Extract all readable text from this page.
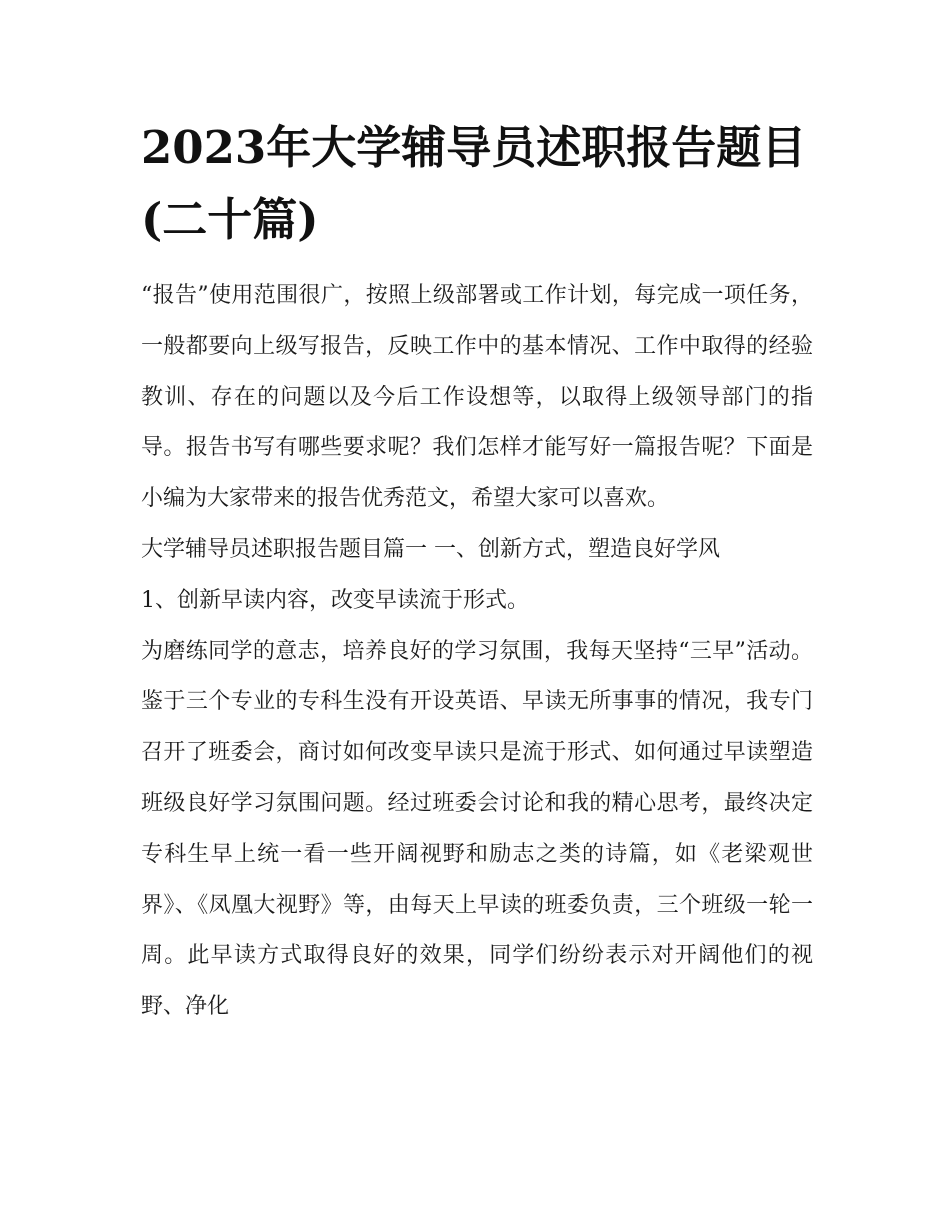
2023年大学辅导员述职报告题目(二十篇)

“报告”使用范围很广，按照上级部署或工作计划，每完成一项任务，一般都要向上级写报告，反映工作中的基本情况、工作中取得的经验教训、存在的问题以及今后工作设想等，以取得上级领导部门的指导。报告书写有哪些要求呢？我们怎样才能写好一篇报告呢？下面是小编为大家带来的报告优秀范文，希望大家可以喜欢。

大学辅导员述职报告题目篇一 一、创新方式，塑造良好学风

1、创新早读内容，改变早读流于形式。

为磨练同学的意志，培养良好的学习氛围，我每天坚持“三早”活动。鉴于三个专业的专科生没有开设英语、早读无所事事的情况，我专门召开了班委会，商讨如何改变早读只是流于形式、如何通过早读塑造班级良好学习氛围问题。经过班委会讨论和我的精心思考，最终决定专科生早上统一看一些开阔视野和励志之类的诗篇，如《老梁观世界》、《凤凰大视野》等，由每天上早读的班委负责，三个班级一轮一周。此早读方式取得良好的效果，同学们纷纷表示对开阔他们的视野、净化
